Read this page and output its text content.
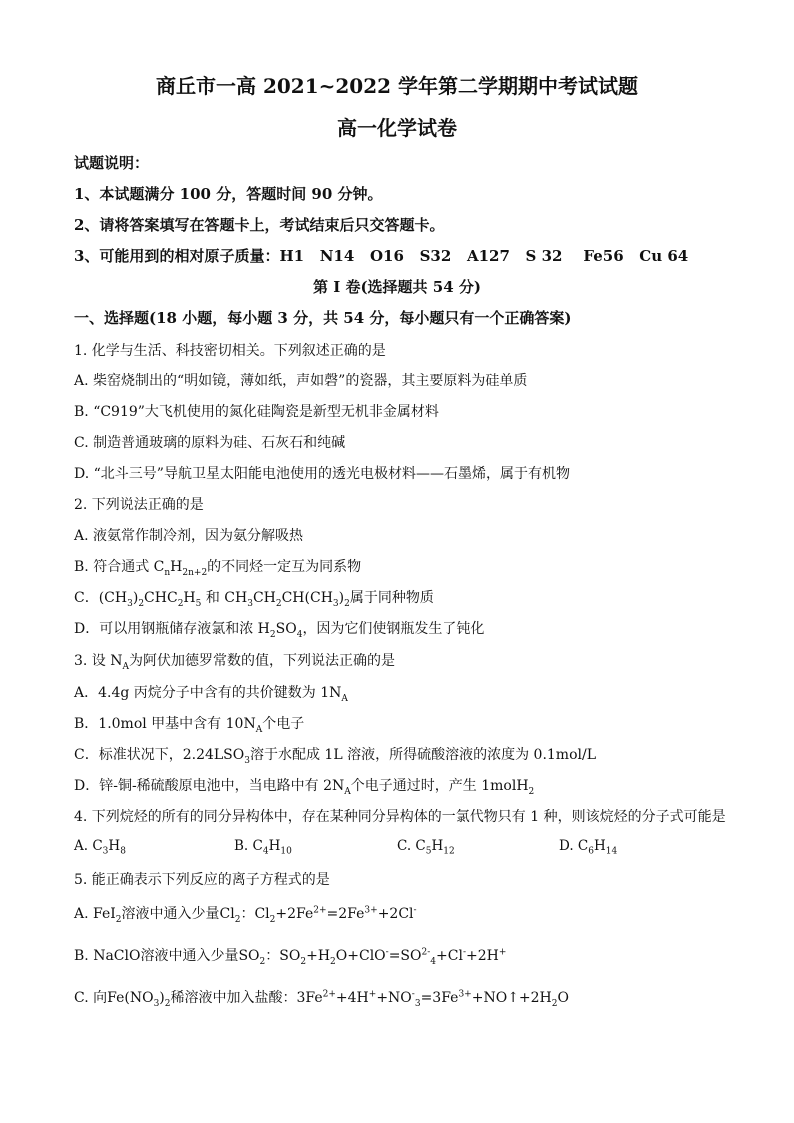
商丘市一高 2021~2022 学年第二学期期中考试试题
高一化学试卷
试题说明：
1、本试题满分 100 分，答题时间 90 分钟。
2、请将答案填写在答题卡上，考试结束后只交答题卡。
3、可能用到的相对原子质量：H1   N14   O16   S32   A127   S 32    Fe56   Cu 64
第 I 卷(选择题共 54 分)
一、选择题(18 小题，每小题 3 分，共 54 分，每小题只有一个正确答案)
1. 化学与生活、科技密切相关。下列叙述正确的是
A. 柴窑烧制出的“明如镜，薄如纸，声如磬”的瓷器，其主要原料为硅单质
B. “C919”大飞机使用的氮化硅陶瓷是新型无机非金属材料
C. 制造普通玻璃的原料为硅、石灰石和纯碱
D. “北斗三号”导航卫星太阳能电池使用的透光电极材料——石墨烯，属于有机物
2. 下列说法正确的是
A. 液氨常作制冷剂，因为氨分解吸热
B. 符合通式 $C_nH_{2n+2}$的不同烃一定互为同系物
C．$(CH_3)_2CHC_2H_5$ 和 $CH_3CH_2CH(CH_3)_2$属于同种物质
D．可以用钢瓶储存液氯和浓 $H_2SO_4$，因为它们使钢瓶发生了钝化
3. 设 $N_A$为阿伏加德罗常数的值，下列说法正确的是
A．4.4g 丙烷分子中含有的共价键数为 $1N_A$
B．1.0mol 甲基中含有 $10N_A$个电子
C．标准状况下，$2.24LSO_3$溶于水配成 1L 溶液，所得硫酸溶液的浓度为 0.1mol/L
D．锌-铜-稀硫酸原电池中，当电路中有 $2N_A$个电子通过时，产生 1molH$_2$
4. 下列烷烃的所有的同分异构体中，存在某种同分异构体的一氯代物只有 1 种，则该烷烃的分子式可能是
A. $C_3H_8$	B. $C_4H_{10}$	C. $C_5H_{12}$	D. $C_6H_{14}$
5. 能正确表示下列反应的离子方程式的是
A. FeI$_2$溶液中通入少量$Cl_2$：$Cl_2+2Fe^{2+}=2Fe^{3+}+2Cl^-$
B. NaClO溶液中通入少量$SO_2$：$SO_2+H_2O+ClO^-=SO^{2-}_4+Cl^-+2H^+$
C. 向$Fe(NO_3)_2$稀溶液中加入盐酸：$3Fe^{2+}+4H^++NO^-_3=3Fe^{3+}+NO↑+2H_2O$
